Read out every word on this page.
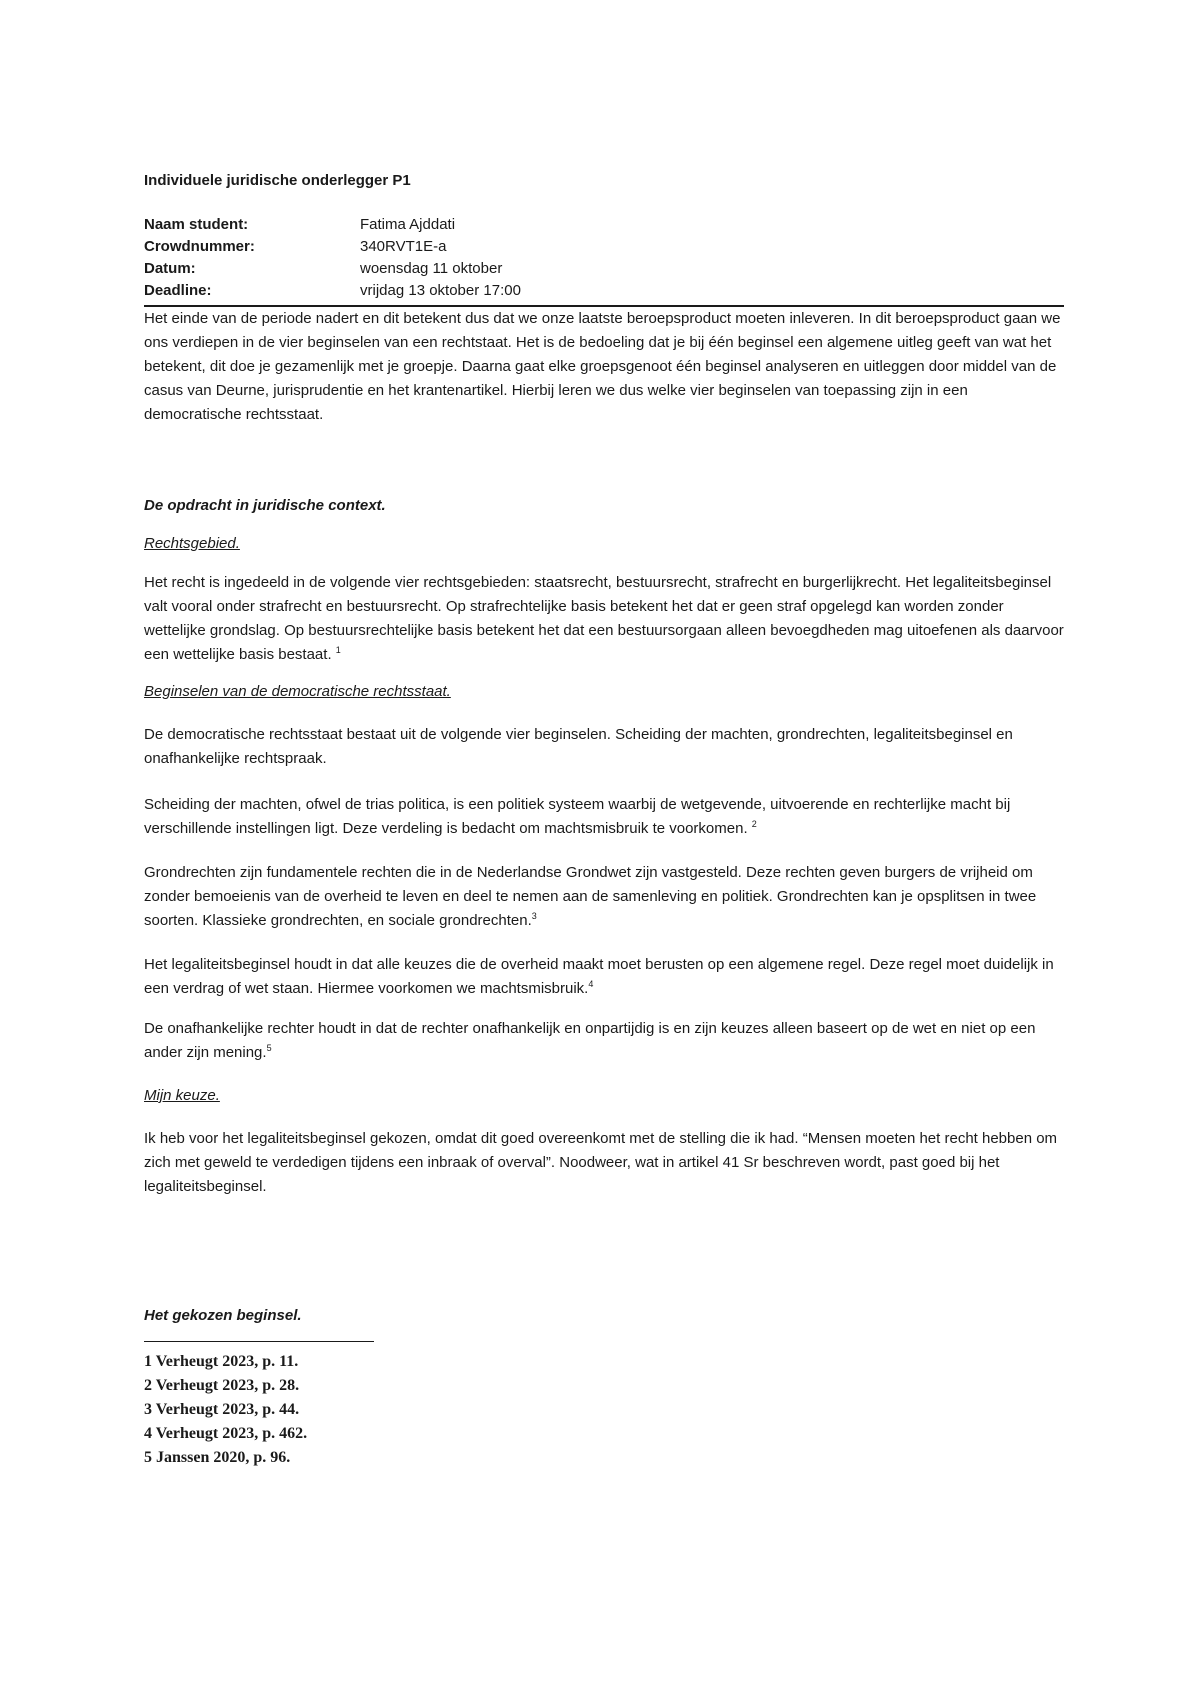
Individuele juridische onderlegger P1
Naam student:	Fatima Ajddati
Crowdnummer:	340RVT1E-a
Datum:	woensdag 11 oktober
Deadline:	vrijdag 13 oktober 17:00

Het einde van de periode nadert en dit betekent dus dat we onze laatste beroepsproduct moeten inleveren. In dit beroepsproduct gaan we ons verdiepen in de vier beginselen van een rechtstaat. Het is de bedoeling dat je bij één beginsel een algemene uitleg geeft van wat het betekent, dit doe je gezamenlijk met je groepje. Daarna gaat elke groepsgenoot één beginsel analyseren en uitleggen door middel van de casus van Deurne, jurisprudentie en het krantenartikel. Hierbij leren we dus welke vier beginselen van toepassing zijn in een democratische rechtsstaat.

De opdracht in juridische context.
Rechtsgebied.

Het recht is ingedeeld in de volgende vier rechtsgebieden: staatsrecht, bestuursrecht, strafrecht en burgerlijkrecht. Het legaliteitsbeginsel valt vooral onder strafrecht en bestuursrecht. Op strafrechtelijke basis betekent het dat er geen straf opgelegd kan worden zonder wettelijke grondslag. Op bestuursrechtelijke basis betekent het dat een bestuursorgaan alleen bevoegdheden mag uitoefenen als daarvoor een wettelijke basis bestaat. $^1$

Beginselen van de democratische rechtsstaat.

De democratische rechtsstaat bestaat uit de volgende vier beginselen. Scheiding der machten, grondrechten, legaliteitsbeginsel en onafhankelijke rechtspraak.

Scheiding der machten, ofwel de trias politica, is een politiek systeem waarbij de wetgevende, uitvoerende en rechterlijke macht bij verschillende instellingen ligt. Deze verdeling is bedacht om machtsmisbruik te voorkomen. $^2$

Grondrechten zijn fundamentele rechten die in de Nederlandse Grondwet zijn vastgesteld. Deze rechten geven burgers de vrijheid om zonder bemoeienis van de overheid te leven en deel te nemen aan de samenleving en politiek. Grondrechten kan je opsplitsen in twee soorten. Klassieke grondrechten, en sociale grondrechten.$^3$

Het legaliteitsbeginsel houdt in dat alle keuzes die de overheid maakt moet berusten op een algemene regel. Deze regel moet duidelijk in een verdrag of wet staan. Hiermee voorkomen we machtsmisbruik.$^4$

De onafhankelijke rechter houdt in dat de rechter onafhankelijk en onpartijdig is en zijn keuzes alleen baseert op de wet en niet op een ander zijn mening.$^5$

Mijn keuze.

Ik heb voor het legaliteitsbeginsel gekozen, omdat dit goed overeenkomt met de stelling die ik had. “Mensen moeten het recht hebben om zich met geweld te verdedigen tijdens een inbraak of overval”. Noodweer, wat in artikel 41 Sr beschreven wordt, past goed bij het legaliteitsbeginsel.

Het gekozen beginsel.
1 Verheugt 2023, p. 11.
2 Verheugt 2023, p. 28.
3 Verheugt 2023, p. 44.
4 Verheugt 2023, p. 462.
5 Janssen 2020, p. 96.
